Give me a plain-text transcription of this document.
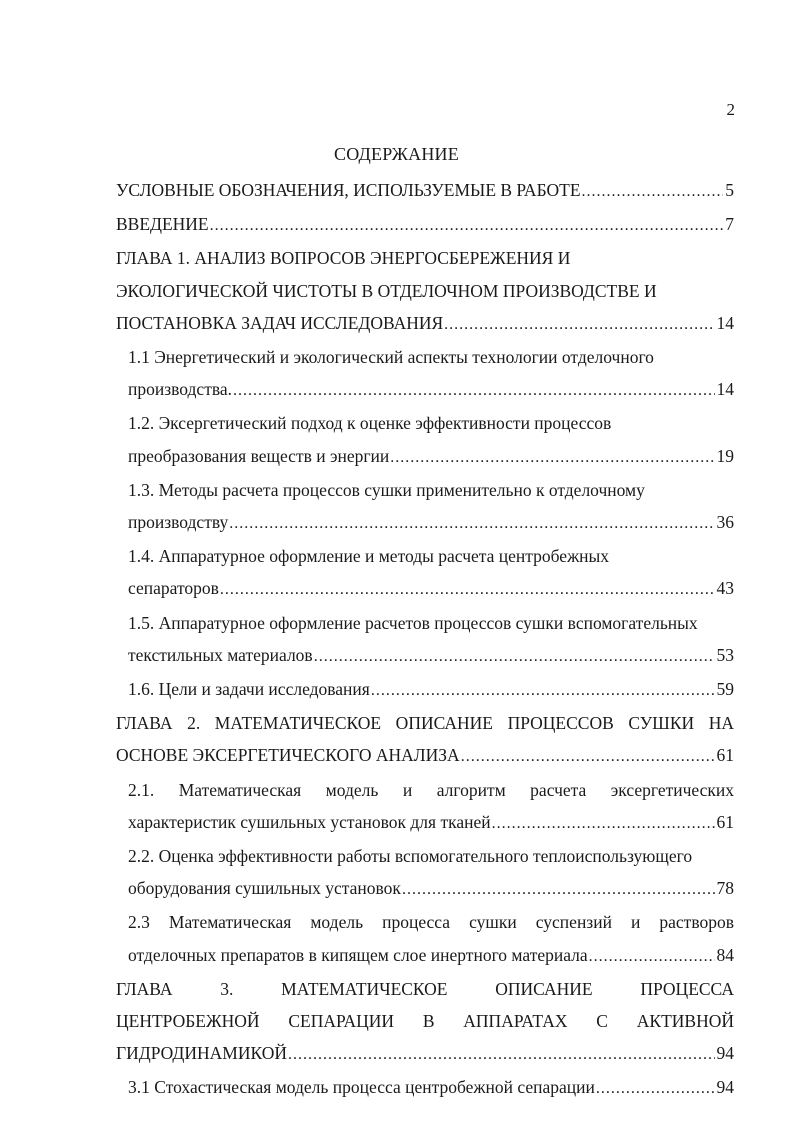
2
СОДЕРЖАНИЕ
УСЛОВНЫЕ ОБОЗНАЧЕНИЯ, ИСПОЛЬЗУЕМЫЕ В РАБОТЕ .....	5
ВВЕДЕНИЕ .....	7
ГЛАВА 1. АНАЛИЗ ВОПРОСОВ ЭНЕРГОСБЕРЕЖЕНИЯ И
ЭКОЛОГИЧЕСКОЙ ЧИСТОТЫ В ОТДЕЛОЧНОМ ПРОИЗВОДСТВЕ И
ПОСТАНОВКА ЗАДАЧ ИССЛЕДОВАНИЯ .....	14
1.1 Энергетический и экологический аспекты технологии отделочного
производства. .....	14
1.2. Эксергетический подход к оценке эффективности процессов
преобразования веществ и энергии .....	19
1.3. Методы расчета процессов сушки применительно к отделочному
производству .....	36
1.4. Аппаратурное оформление и методы расчета центробежных
сепараторов .....	43
1.5. Аппаратурное оформление расчетов процессов сушки вспомогательных
текстильных материалов .....	53
1.6. Цели и задачи исследования .....	59
ГЛАВА 2. МАТЕМАТИЧЕСКОЕ ОПИСАНИЕ ПРОЦЕССОВ СУШКИ НА
ОСНОВЕ ЭКСЕРГЕТИЧЕСКОГО АНАЛИЗА .....	61
2.1. Математическая модель и алгоритм расчета эксергетических
характеристик сушильных установок для тканей .....	61
2.2. Оценка эффективности работы вспомогательного теплоиспользующего
оборудования сушильных установок .....	78
2.3 Математическая модель процесса сушки суспензий и растворов
отделочных препаратов в кипящем слое инертного материала .....	84
ГЛАВА 3. МАТЕМАТИЧЕСКОЕ ОПИСАНИЕ ПРОЦЕССА
ЦЕНТРОБЕЖНОЙ СЕПАРАЦИИ В АППАРАТАХ С АКТИВНОЙ
ГИДРОДИНАМИКОЙ .....	94
3.1 Стохастическая модель процесса центробежной сепарации .....	94
